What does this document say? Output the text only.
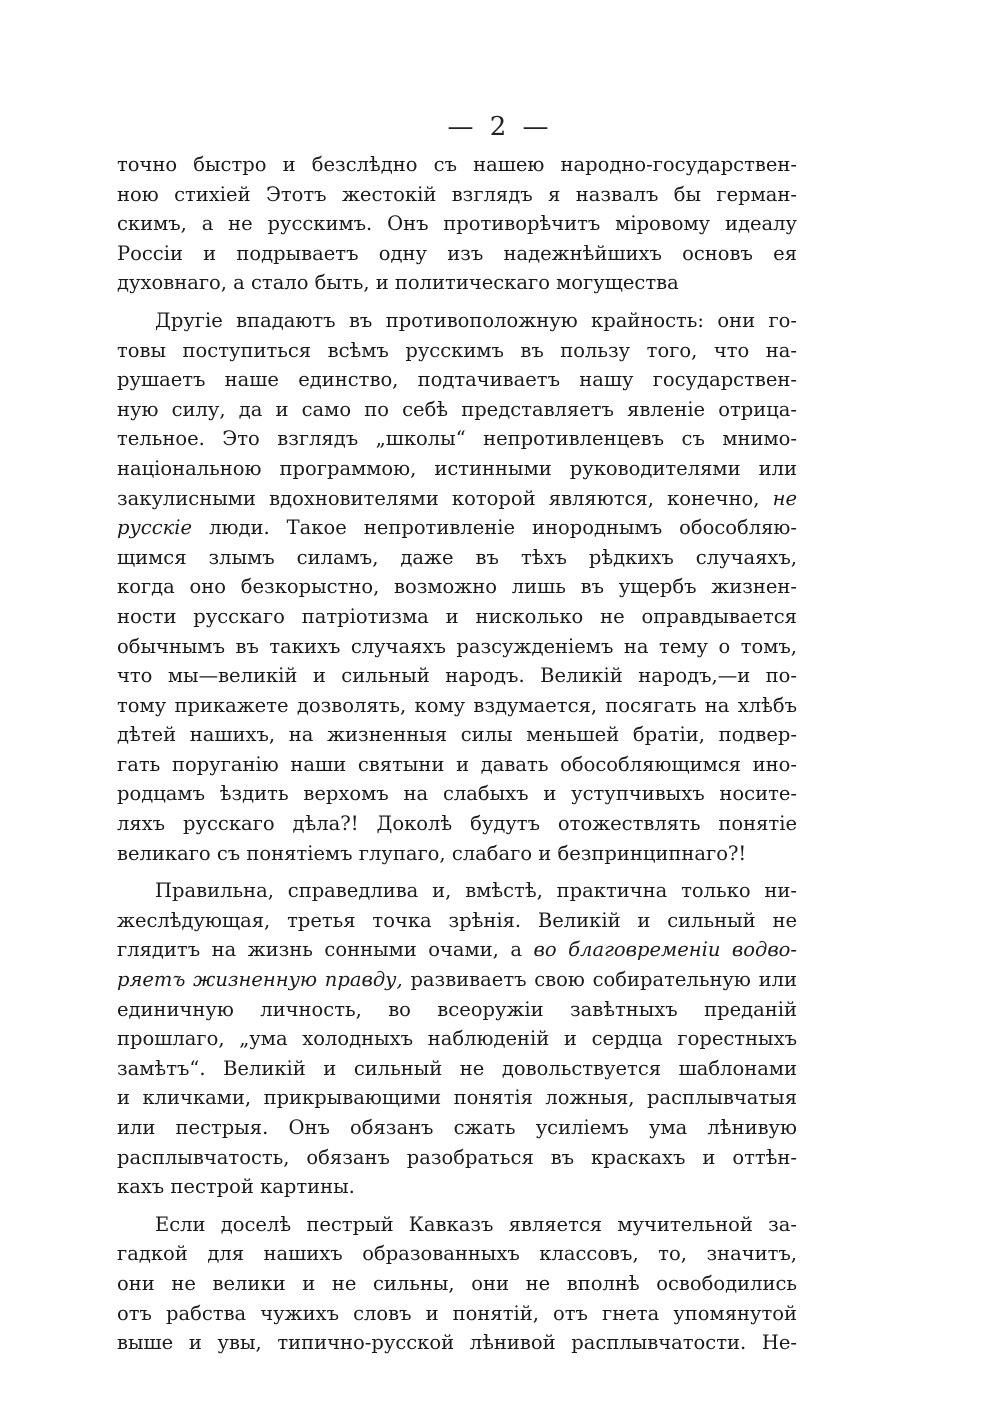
— 2 —
точно быстро и безслѣдно съ нашею народно-государствен-
ною стихіей Этотъ жестокій взглядъ я назвалъ бы герман-
скимъ, а не русскимъ. Онъ противорѣчитъ міровому идеалу
Россіи и подрываетъ одну изъ надежнѣйшихъ основъ ея
духовнаго, а стало быть, и политическаго могущества
Другіе впадаютъ въ противоположную крайность: они го-
товы поступиться всѣмъ русскимъ въ пользу того, что на-
рушаетъ наше единство, подтачиваетъ нашу государствен-
ную силу, да и само по себѣ представляетъ явленіе отрица-
тельное. Это взглядъ „школы“ непротивленцевъ съ мнимо-
національною программою, истинными руководителями или
закулисными вдохновителями которой являются, конечно, не
русскіе люди. Такое непротивленіе инороднымъ обособляю-
щимся злымъ силамъ, даже въ тѣхъ рѣдкихъ случаяхъ,
когда оно безкорыстно, возможно лишь въ ущербъ жизнен-
ности русскаго патріотизма и нисколько не оправдывается
обычнымъ въ такихъ случаяхъ разсужденіемъ на тему о томъ,
что мы—великій и сильный народъ. Великій народъ,—и по-
тому прикажете дозволять, кому вздумается, посягать на хлѣбъ
дѣтей нашихъ, на жизненныя силы меньшей братіи, подвер-
гать поруганію наши святыни и давать обособляющимся ино-
родцамъ ѣздить верхомъ на слабыхъ и уступчивыхъ носите-
ляхъ русскаго дѣла?! Доколѣ будутъ отожествлять понятіе
великаго съ понятіемъ глупаго, слабаго и безпринципнаго?!
Правильна, справедлива и, вмѣстѣ, практична только ни-
жеслѣдующая, третья точка зрѣнія. Великій и сильный не
глядитъ на жизнь сонными очами, а во благовременіи водво-
ряетъ жизненную правду, развиваетъ свою собирательную или
единичную личность, во всеоружіи завѣтныхъ преданій
прошлаго, „ума холодныхъ наблюденій и сердца горестныхъ
замѣтъ“. Великій и сильный не довольствуется шаблонами
и кличками, прикрывающими понятія ложныя, расплывчатыя
или пестрыя. Онъ обязанъ сжать усиліемъ ума лѣнивую
расплывчатость, обязанъ разобраться въ краскахъ и оттѣн-
кахъ пестрой картины.
Если доселѣ пестрый Кавказъ является мучительной за-
гадкой для нашихъ образованныхъ классовъ, то, значитъ,
они не велики и не сильны, они не вполнѣ освободились
отъ рабства чужихъ словъ и понятій, отъ гнета упомянутой
выше и увы, типично-русской лѣнивой расплывчатости. Не-
